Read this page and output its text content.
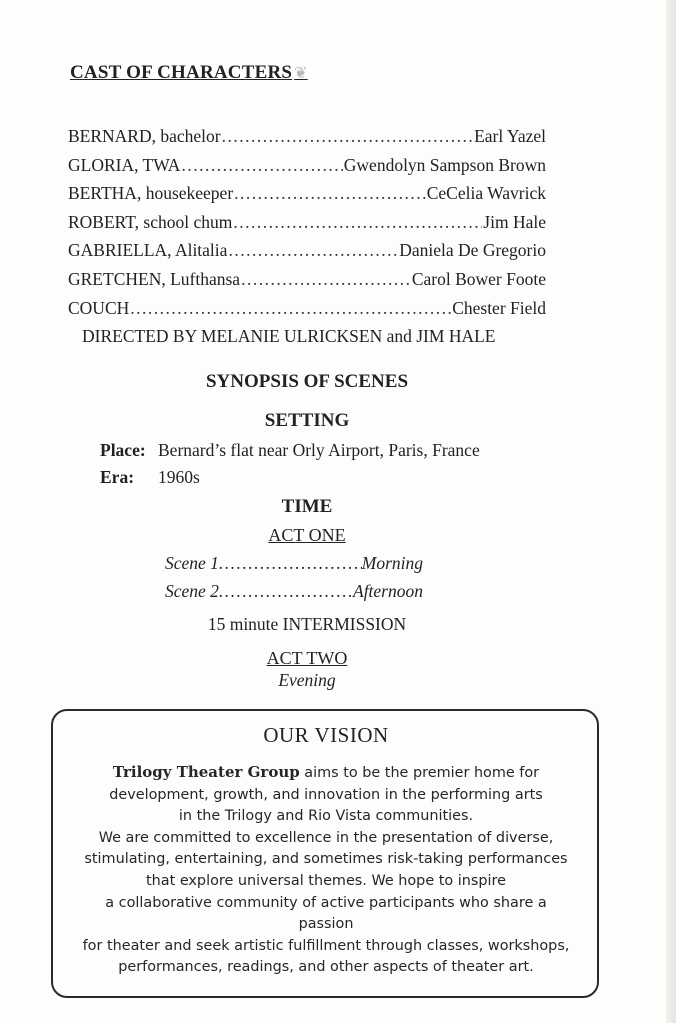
CAST OF CHARACTERS ❦
BERNARD, bachelor .....	Earl Yazel
GLORIA, TWA .....	Gwendolyn Sampson Brown
BERTHA, housekeeper .....	CeCelia Wavrick
ROBERT, school chum .....	Jim Hale
GABRIELLA, Alitalia .....	Daniela De Gregorio
GRETCHEN, Lufthansa .....	Carol Bower Foote
COUCH .....	Chester Field
DIRECTED BY MELANIE ULRICKSEN and JIM HALE
SYNOPSIS OF SCENES
SETTING
Place: Bernard’s flat near Orly Airport, Paris, France
Era: 1960s
TIME
ACT ONE
Scene 1 .....	Morning
Scene 2 .....	Afternoon
15 minute INTERMISSION
ACT TWO
Evening
OUR VISION
Trilogy Theater Group aims to be the premier home for
development, growth, and innovation in the performing arts
in the Trilogy and Rio Vista communities.
We are committed to excellence in the presentation of diverse,
stimulating, entertaining, and sometimes risk-taking performances
that explore universal themes. We hope to inspire
a collaborative community of active participants who share a
passion
for theater and seek artistic fulfillment through classes, workshops,
performances, readings, and other aspects of theater art.
